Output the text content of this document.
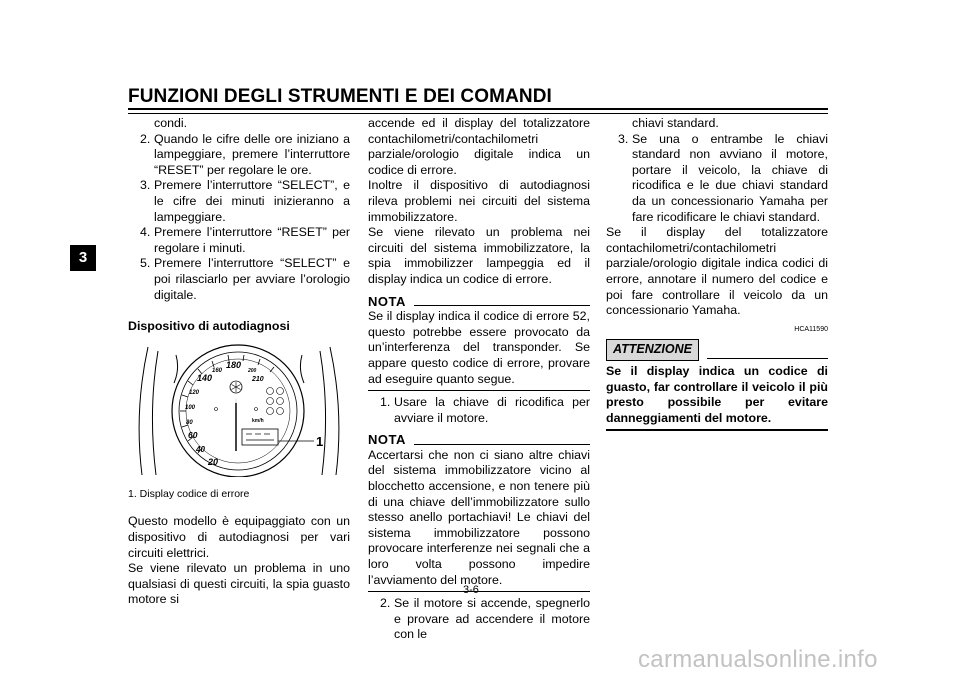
FUNZIONI DEGLI STRUMENTI E DEI COMANDI
3
condi.
2. Quando le cifre delle ore iniziano a lampeggiare, premere l’interruttore “RESET” per regolare le ore.
3. Premere l’interruttore “SELECT”, e le cifre dei minuti inizieranno a lampeggiare.
4. Premere l’interruttore “RESET” per regolare i minuti.
5. Premere l’interruttore “SELECT” e poi rilasciarlo per avviare l’orologio digitale.
Dispositivo di autodiagnosi
20
40
60
80
100
120
140
160
180
200
210
km/h
1
1. Display codice di errore

Questo modello è equipaggiato con un dispositivo di autodiagnosi per vari circuiti elettrici.

Se viene rilevato un problema in uno qualsiasi di questi circuiti, la spia guasto motore si

accende ed il display del totalizzatore contachilometri/contachilometri parziale/orologio digitale indica un codice di errore.

Inoltre il dispositivo di autodiagnosi rileva problemi nei circuiti del sistema immobilizzatore.

Se viene rilevato un problema nei circuiti del sistema immobilizzatore, la spia immobilizzer lampeggia ed il display indica un codice di errore.

NOTA

Se il display indica il codice di errore 52, questo potrebbe essere provocato da un’interferenza del transponder. Se appare questo codice di errore, provare ad eseguire quanto segue.

1. Usare la chiave di ricodifica per avviare il motore.
NOTA

Accertarsi che non ci siano altre chiavi del sistema immobilizzatore vicino al blocchetto accensione, e non tenere più di una chiave dell’immobilizzatore sullo stesso anello portachiavi! Le chiavi del sistema immobilizzatore possono provocare interferenze nei segnali che a loro volta possono impedire l’avviamento del motore.

2. Se il motore si accende, spegnerlo e provare ad accendere il motore con le
chiavi standard.
3. Se una o entrambe le chiavi standard non avviano il motore, portare il veicolo, la chiave di ricodifica e le due chiavi standard da un concessionario Yamaha per fare ricodificare le chiavi standard.

Se il display del totalizzatore contachilometri/contachilometri parziale/orologio digitale indica codici di errore, annotare il numero del codice e poi fare controllare il veicolo da un concessionario Yamaha.

HCA11590
ATTENZIONE
Se il display indica un codice di guasto, far controllare il veicolo il più presto possibile per evitare danneggiamenti del motore.
3-6
carmanualsonline.info
